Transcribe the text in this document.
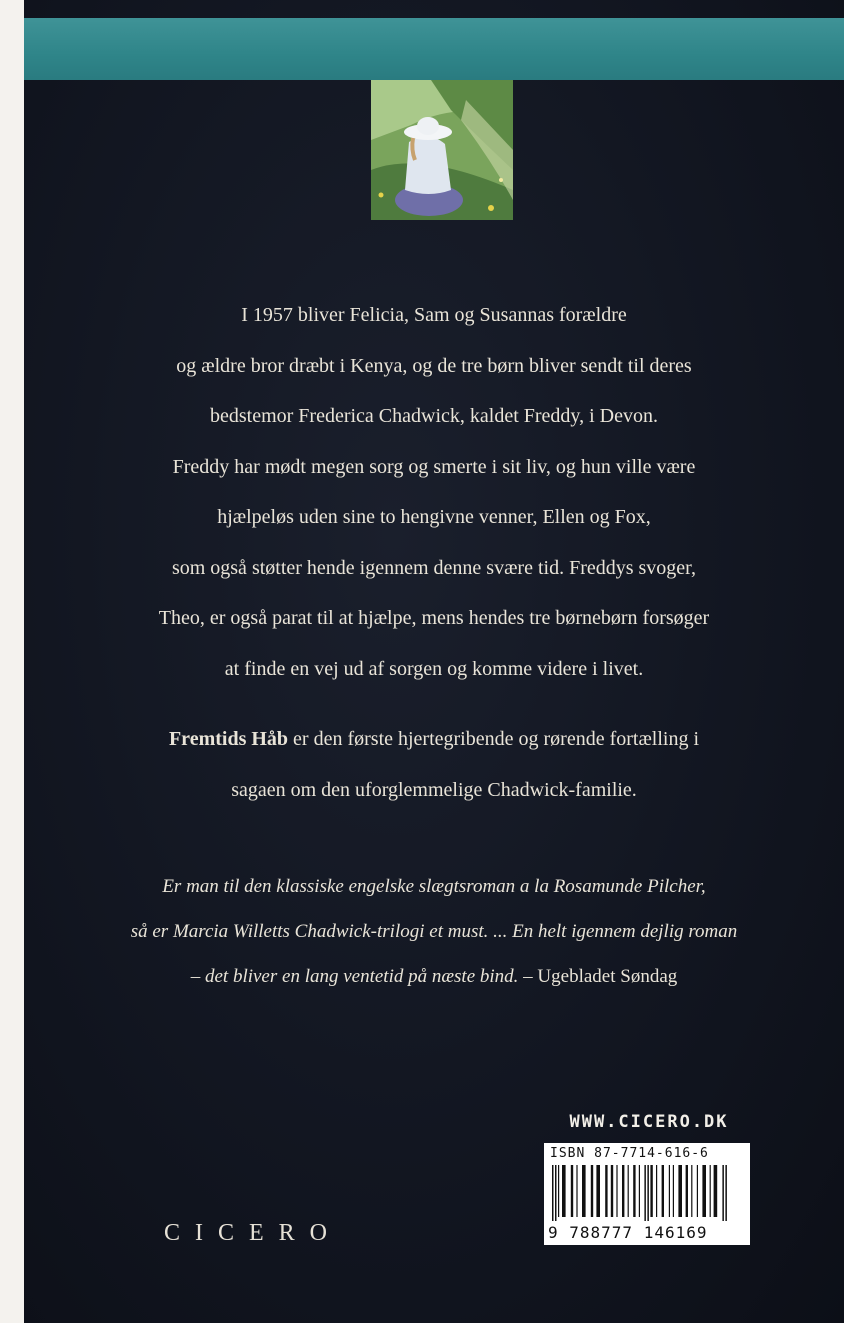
I 1957 bliver Felicia, Sam og Susannas forældre

og ældre bror dræbt i Kenya, og de tre børn bliver sendt til deres

bedstemor Frederica Chadwick, kaldet Freddy, i Devon.

Freddy har mødt megen sorg og smerte i sit liv, og hun ville være

hjælpeløs uden sine to hengivne venner, Ellen og Fox,

som også støtter hende igennem denne svære tid. Freddys svoger,

Theo, er også parat til at hjælpe, mens hendes tre børnebørn forsøger

at finde en vej ud af sorgen og komme videre i livet.

Fremtids Håb er den første hjertegribende og rørende fortælling i

sagaen om den uforglemmelige Chadwick-familie.

Er man til den klassiske engelske slægtsroman a la Rosamunde Pilcher,

så er Marcia Willetts Chadwick-trilogi et must. ... En helt igennem dejlig roman

– det bliver en lang ventetid på næste bind. – Ugebladet Søndag

WWW.CICERO.DK
ISBN 87-7714-616-6
9 788777 146169
CICERO
